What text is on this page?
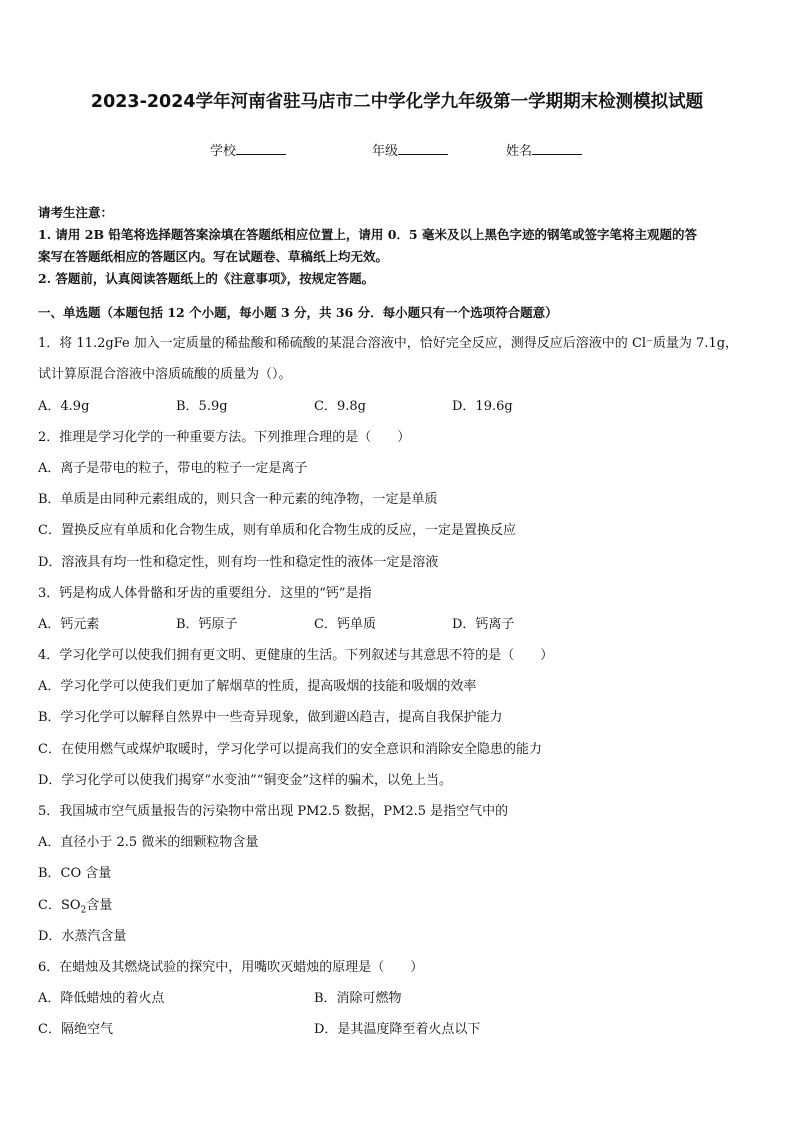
2023-2024学年河南省驻马店市二中学化学九年级第一学期期末检测模拟试题
学校	年级	姓名
请考生注意：
1. 请用 2B 铅笔将选择题答案涂填在答题纸相应位置上，请用 0．5 毫米及以上黑色字迹的钢笔或签字笔将主观题的答
案写在答题纸相应的答题区内。写在试题卷、草稿纸上均无效。
2. 答题前，认真阅读答题纸上的《注意事项》，按规定答题。
一、单选题（本题包括 12 个小题，每小题 3 分，共 36 分．每小题只有一个选项符合题意）
1．将 11.2gFe 加入一定质量的稀盐酸和稀硫酸的某混合溶液中，恰好完全反应，测得反应后溶液中的 Cl⁻质量为 7.1g，
试计算原混合溶液中溶质硫酸的质量为（）。
A．4.9g	B．5.9g	C．9.8g	D．19.6g
2．推理是学习化学的一种重要方法。下列推理合理的是（　　）
A．离子是带电的粒子，带电的粒子一定是离子
B．单质是由同种元素组成的，则只含一种元素的纯净物，一定是单质
C．置换反应有单质和化合物生成，则有单质和化合物生成的反应，一定是置换反应
D．溶液具有均一性和稳定性，则有均一性和稳定性的液体一定是溶液
3．钙是构成人体骨骼和牙齿的重要组分．这里的“钙”是指
A．钙元素	B．钙原子	C．钙单质	D．钙离子
4．学习化学可以使我们拥有更文明、更健康的生活。下列叙述与其意思不符的是（　　）
A．学习化学可以使我们更加了解烟草的性质，提高吸烟的技能和吸烟的效率
B．学习化学可以解释自然界中一些奇异现象，做到避凶趋吉，提高自我保护能力
C．在使用燃气或煤炉取暖时，学习化学可以提高我们的安全意识和消除安全隐患的能力
D．学习化学可以使我们揭穿“水变油”“铜变金”这样的骗术，以免上当。
5．我国城市空气质量报告的污染物中常出现 PM2.5 数据，PM2.5 是指空气中的
A．直径小于 2.5 微米的细颗粒物含量
B．CO 含量
C．$SO_2$含量
D．水蒸汽含量
6．在蜡烛及其燃烧试验的探究中，用嘴吹灭蜡烛的原理是（　　）
A．降低蜡烛的着火点	B．消除可燃物
C．隔绝空气	D．是其温度降至着火点以下
